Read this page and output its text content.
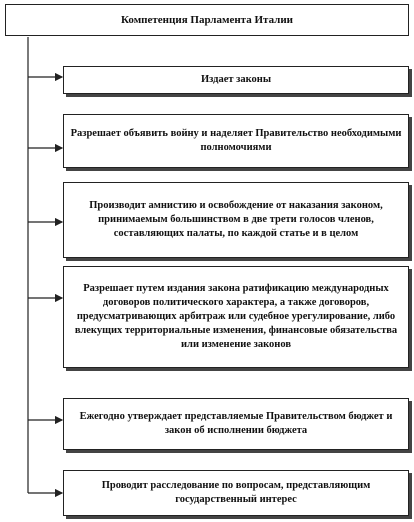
Компетенция Парламента Италии
Издает законы
Разрешает объявить войну и наделяет Правительство необходимыми полномочиями
Производит амнистию и освобождение от наказания законом, принимаемым большинством в две трети голосов членов, составляющих палаты, по каждой статье и в целом
Разрешает путем издания закона ратификацию международных договоров политического характера, а также договоров, предусматривающих арбитраж или судебное урегулирование, либо влекущих территориальные изменения, финансовые обязательства или изменение законов
Ежегодно утверждает представляемые Правительством бюджет и закон об исполнении бюджета
Проводит расследование по вопросам, представляющим государственный интерес
